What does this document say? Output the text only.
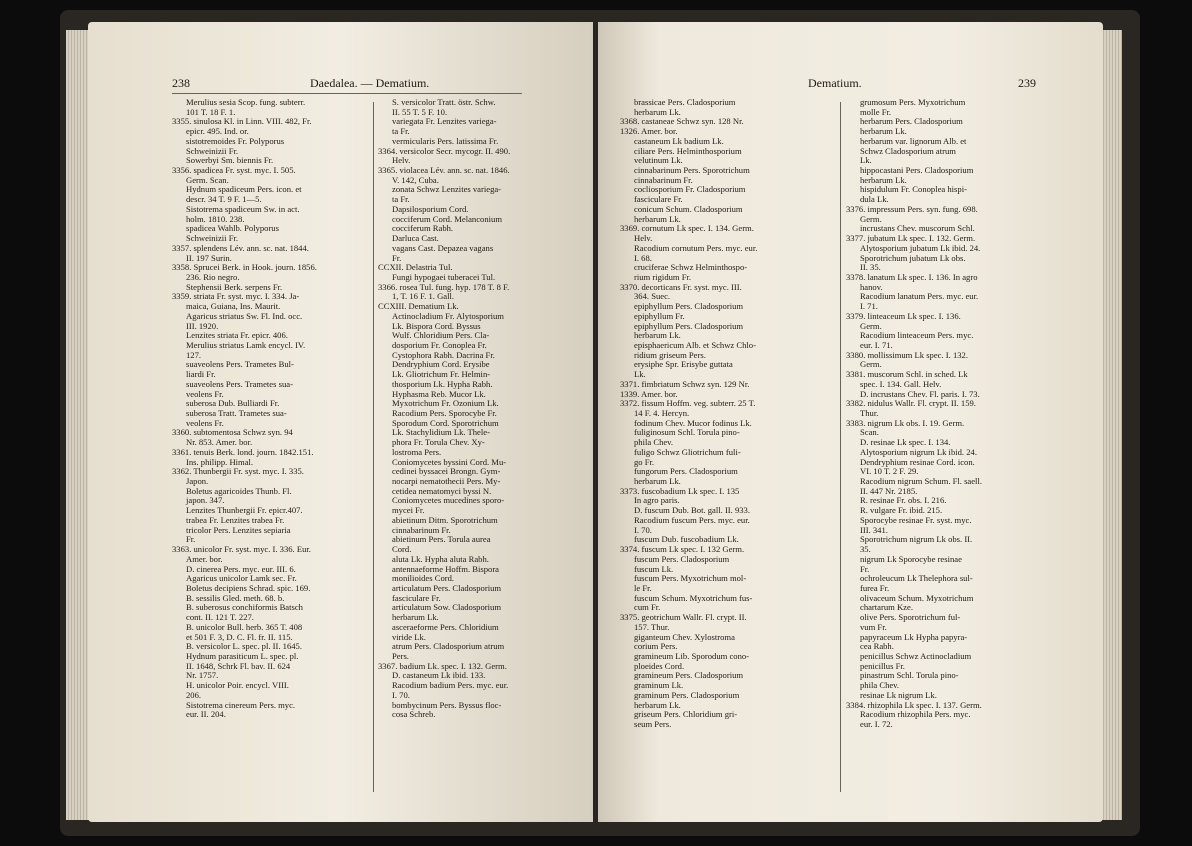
238	Daedalea. — Dematium.
Merulius sesia Scop. fung. subterr.
101 T. 18 F. 1.
3355. sinulosa Kl. in Linn. VIII. 482, Fr.
epicr. 495. Ind. or.
sistotremoides Fr. Polyporus
Schweinizii Fr.
Sowerbyi Sm. biennis Fr.
3356. spadicea Fr. syst. myc. I. 505.
Germ. Scan.
Hydnum spadiceum Pers. icon. et
descr. 34 T. 9 F. 1—5.
Sistotrema spadiceum Sw. in act.
holm. 1810. 238.
spadicea Wahlb. Polyporus
Schweinizii Fr.
3357. splendens Lév. ann. sc. nat. 1844.
II. 197 Surin.
3358. Sprucei Berk. in Hook. journ. 1856.
236. Rio negro.
Stephensii Berk. serpens Fr.
3359. striata Fr. syst. myc. I. 334. Ja-
maica, Guiana, Ins. Maurit.
Agaricus striatus Sw. Fl. Ind. occ.
III. 1920.
Lenzites striata Fr. epicr. 406.
Merulius striatus Lamk encycl. IV.
127.
suaveolens Pers. Trametes Bul-
liardi Fr.
suaveolens Pers. Trametes sua-
veolens Fr.
suberosa Dub. Bulliardi Fr.
suberosa Tratt. Trametes sua-
veolens Fr.
3360. subtomentosa Schwz syn. 94
Nr. 853. Amer. bor.
3361. tenuis Berk. lond. journ. 1842.151.
Ins. philipp. Himal.
3362. Thunbergii Fr. syst. myc. I. 335.
Japon.
Boletus agaricoides Thunb. Fl.
japon. 347.
Lenzites Thunbergii Fr. epicr.407.
trabea Fr. Lenzites trabea Fr.
tricolor Pers. Lenzites sepiaria
Fr.
3363. unicolor Fr. syst. myc. I. 336. Eur.
Amer. bor.
D. cinerea Pers. myc. eur. III. 6.
Agaricus unicolor Lamk sec. Fr.
Boletus decipiens Schrad. spic. 169.
B. sessilis Gled. meth. 68. b.
B. suberosus conchiformis Batsch
cont. II. 121 T. 227.
B. unicolor Bull. herb. 365 T. 408
et 501 F. 3, D. C. Fl. fr. II. 115.
B. versicolor L. spec. pl. II. 1645.
Hydnum parasiticum L. spec. pl.
II. 1648, Schrk Fl. bav. II. 624
Nr. 1757.
H. unicolor Poir. encycl. VIII.
206.
Sistotrema cinereum Pers. myc.
eur. II. 204.
S. versicolor Tratt. östr. Schw.
II. 55 T. 5 F. 10.
variegata Fr. Lenzites variega-
ta Fr.
vermicularis Pers. latissima Fr.
3364. versicolor Secr. mycogr. II. 490.
Helv.
3365. violacea Lév. ann. sc. nat. 1846.
V. 142, Cuba.
zonata Schwz Lenzites variega-
ta Fr.
Dapsilosporium Cord.
cocciferum Cord. Melanconium
cocciferum Rabh.
Darluca Cast.
vagans Cast. Depazea vagans
Fr.
CCXII. Delastria Tul.
Fungi hypogaei tuberacei Tul.
3366. rosea Tul. fung. hyp. 178 T. 8 F.
1, T. 16 F. 1. Gall.
CCXIII. Dematium Lk.
Actinocladium Fr. Alytosporium
Lk. Bispora Cord. Byssus
Wulf. Chloridium Pers. Cla-
dosporium Fr. Conoplea Fr.
Cystophora Rabh. Dacrina Fr.
Dendryphium Cord. Erysibe
Lk. Gliotrichum Fr. Helmin-
thosporium Lk. Hypha Rabh.
Hyphasma Reb. Mucor Lk.
Myxotrichum Fr. Ozonium Lk.
Racodium Pers. Sporocybe Fr.
Sporodum Cord. Sporotrichum
Lk. Stachylidium Lk. Thele-
phora Fr. Torula Chev. Xy-
lostroma Pers.
Coniomycetes byssini Cord. Mu-
cedinei byssacei Brongn. Gym-
nocarpi nematothecii Pers. My-
cetidea nematomyci byssi N.
Coniomycetes mucedines sporo-
mycei Fr.
abietinum Ditm. Sporotrichum
cinnabarinum Fr.
abietinum Pers. Torula aurea
Cord.
aluta Lk. Hypha aluta Rabh.
antennaeforme Hoffm. Bispora
monilioides Cord.
articulatum Pers. Cladosporium
fasciculare Fr.
articulatum Sow. Cladosporium
herbarum Lk.
asceraeforme Pers. Chloridium
viride Lk.
atrum Pers. Cladosporium atrum
Pers.
3367. badium Lk. spec. I. 132. Germ.
D. castaneum Lk ibid. 133.
Racodium badium Pers. myc. eur.
I. 70.
bombycinum Pers. Byssus floc-
cosa Schreb.
Dematium.	239
brassicae Pers. Cladosporium
herbarum Lk.
3368. castaneae Schwz syn. 128 Nr.
1326. Amer. bor.
castaneum Lk badium Lk.
ciliare Pers. Helminthosporium
velutinum Lk.
cinnabarinum Pers. Sporotrichum
cinnabarinum Fr.
cocliosporium Fr. Cladosporium
fasciculare Fr.
conicum Schum. Cladosporium
herbarum Lk.
3369. cornutum Lk spec. I. 134. Germ.
Helv.
Racodium cornutum Pers. myc. eur.
I. 68.
cruciferae Schwz Helminthospo-
rium rigidum Fr.
3370. decorticans Fr. syst. myc. III.
364. Suec.
epiphyllum Pers. Cladosporium
epiphyllum Fr.
epiphyllum Pers. Cladosporium
herbarum Lk.
episphaericum Alb. et Schwz Chlo-
ridium griseum Pers.
erysiphe Spr. Erisybe guttata
Lk.
3371. fimbriatum Schwz syn. 129 Nr.
1339. Amer. bor.
3372. fissum Hoffm. veg. subterr. 25 T.
14 F. 4. Hercyn.
fodinum Chev. Mucor fodinus Lk.
fuliginosum Schl. Torula pino-
phila Chev.
fuligo Schwz Gliotrichum fuli-
go Fr.
fungorum Pers. Cladosporium
herbarum Lk.
3373. fuscobadium Lk spec. I. 135
In agro paris.
D. fuscum Dub. Bot. gall. II. 933.
Racodium fuscum Pers. myc. eur.
I. 70.
fuscum Dub. fuscobadium Lk.
3374. fuscum Lk spec. I. 132 Germ.
fuscum Pers. Cladosporium
fuscum Lk.
fuscum Pers. Myxotrichum mol-
le Fr.
fuscum Schum. Myxotrichum fus-
cum Fr.
3375. geotrichum Wallr. Fl. crypt. II.
157. Thur.
giganteum Chev. Xylostroma
corium Pers.
gramineum Lib. Sporodum cono-
ploeides Cord.
gramineum Pers. Cladosporium
graminum Lk.
graminum Pers. Cladosporium
herbarum Lk.
griseum Pers. Chloridium gri-
seum Pers.
grumosum Pers. Myxotrichum
molle Fr.
herbarum Pers. Cladosporium
herbarum Lk.
herbarum var. lignorum Alb. et
Schwz Cladosporium atrum
Lk.
hippocastani Pers. Cladosporium
herbarum Lk.
hispidulum Fr. Conoplea hispi-
dula Lk.
3376. impressum Pers. syn. fung. 698.
Germ.
incrustans Chev. muscorum Schl.
3377. jubatum Lk spec. I. 132. Germ.
Alytosporium jubatum Lk ibid. 24.
Sporotrichum jubatum Lk obs.
II. 35.
3378. lanatum Lk spec. I. 136. In agro
hanov.
Racodium lanatum Pers. myc. eur.
I. 71.
3379. linteaceum Lk spec. I. 136.
Germ.
Racodium linteaceum Pers. myc.
eur. I. 71.
3380. mollissimum Lk spec. I. 132.
Germ.
3381. muscorum Schl. in sched. Lk
spec. I. 134. Gall. Helv.
D. incrustans Chev. Fl. paris. I. 73.
3382. nidulus Wallr. Fl. crypt. II. 159.
Thur.
3383. nigrum Lk obs. I. 19. Germ.
Scan.
D. resinae Lk spec. I. 134.
Alytosporium nigrum Lk ibid. 24.
Dendryphium resinae Cord. icon.
VI. 10 T. 2 F. 29.
Racodium nigrum Schum. Fl. saell.
II. 447 Nr. 2185.
R. resinae Fr. obs. I. 216.
R. vulgare Fr. ibid. 215.
Sporocybe resinae Fr. syst. myc.
III. 341.
Sporotrichum nigrum Lk obs. II.
35.
nigrum Lk Sporocybe resinae
Fr.
ochroleucum Lk Thelephora sul-
furea Fr.
olivaceum Schum. Myxotrichum
chartarum Kze.
olive Pers. Sporotrichum ful-
vum Fr.
papyraceum Lk Hypha papyra-
cea Rabh.
penicillus Schwz Actinocladium
penicillus Fr.
pinastrum Schl. Torula pino-
phila Chev.
resinae Lk nigrum Lk.
3384. rhizophila Lk spec. I. 137. Germ.
Racodium rhizophila Pers. myc.
eur. I. 72.
